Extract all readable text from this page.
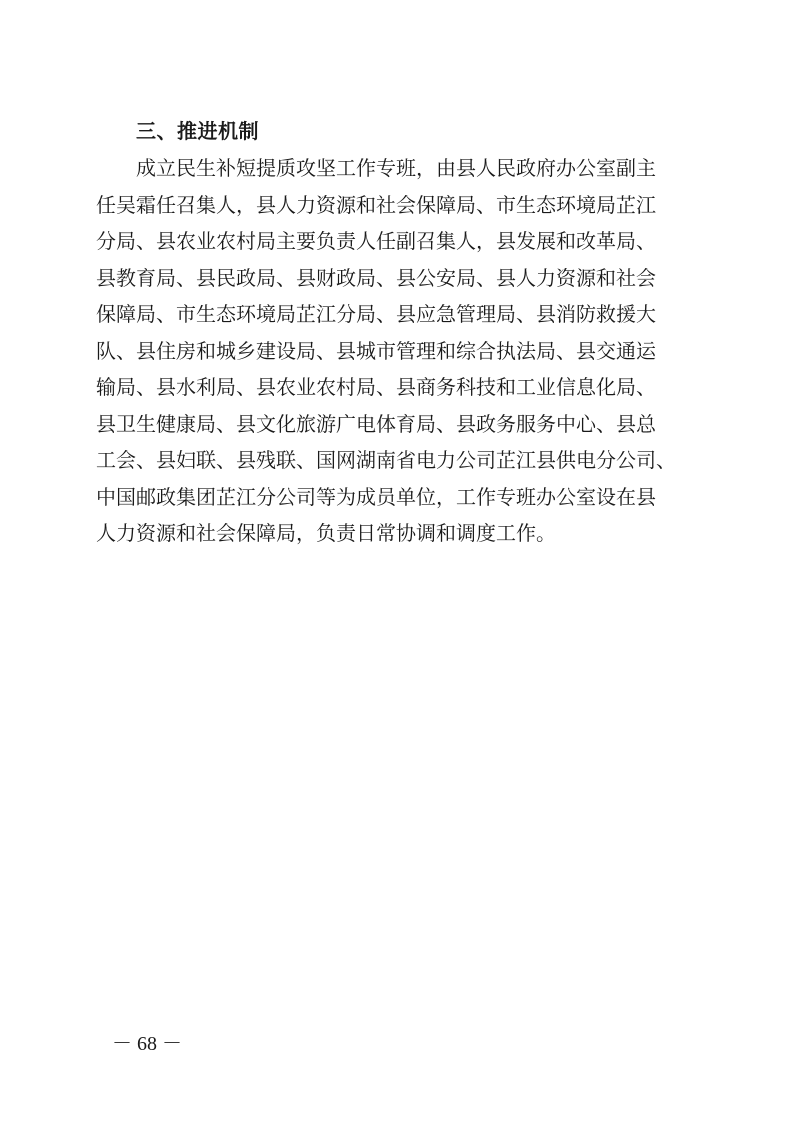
三、推进机制
成立民生补短提质攻坚工作专班，由县人民政府办公室副主
任吴霜任召集人，县人力资源和社会保障局、市生态环境局芷江
分局、县农业农村局主要负责人任副召集人，县发展和改革局、
县教育局、县民政局、县财政局、县公安局、县人力资源和社会
保障局、市生态环境局芷江分局、县应急管理局、县消防救援大
队、县住房和城乡建设局、县城市管理和综合执法局、县交通运
输局、县水利局、县农业农村局、县商务科技和工业信息化局、
县卫生健康局、县文化旅游广电体育局、县政务服务中心、县总
工会、县妇联、县残联、国网湖南省电力公司芷江县供电分公司、
中国邮政集团芷江分公司等为成员单位，工作专班办公室设在县
人力资源和社会保障局，负责日常协调和调度工作。
－ 68 －
